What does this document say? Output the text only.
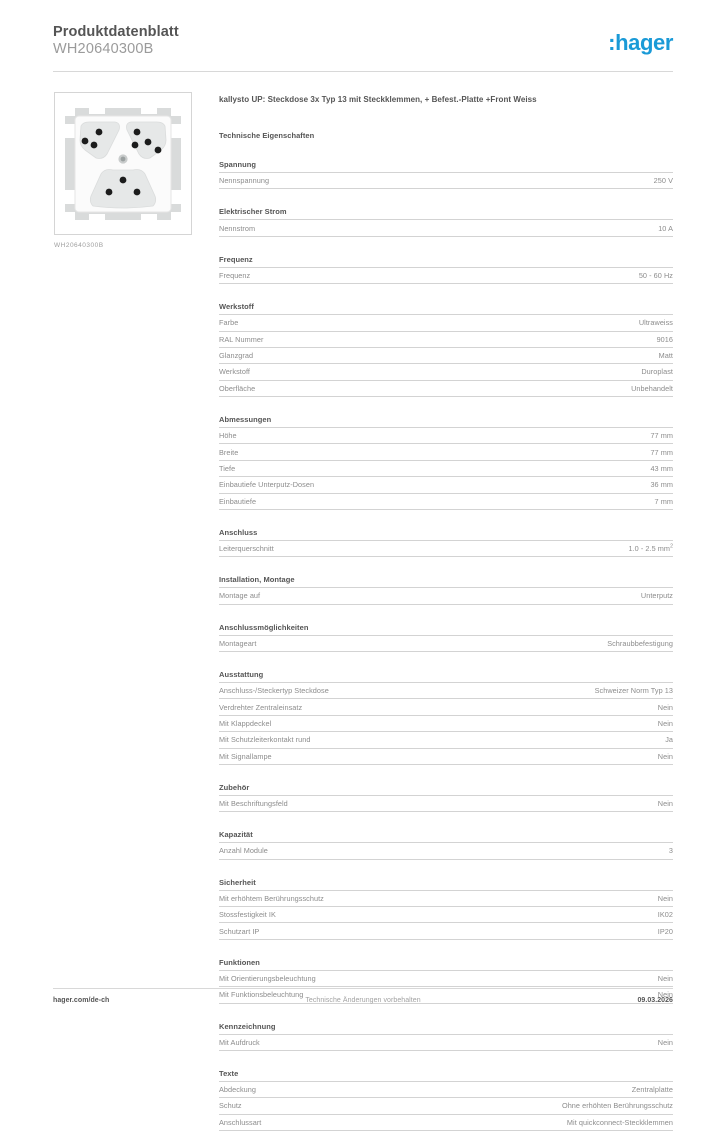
Produktdatenblatt
WH20640300B	:hager
WH20640300B
kallysto UP: Steckdose 3x Typ 13 mit Steckklemmen, + Befest.-Platte +Front Weiss
Technische Eigenschaften
Spannung
Nennspannung	250 V
Elektrischer Strom
Nennstrom	10 A
Frequenz
Frequenz	50 - 60 Hz
Werkstoff
Farbe	Ultraweiss
RAL Nummer	9016
Glanzgrad	Matt
Werkstoff	Duroplast
Oberfläche	Unbehandelt
Abmessungen
Höhe	77 mm
Breite	77 mm
Tiefe	43 mm
Einbautiefe Unterputz-Dosen	36 mm
Einbautiefe	7 mm
Anschluss
Leiterquerschnitt	1.0 - 2.5 $mm^2$
Installation, Montage
Montage auf	Unterputz
Anschlussmöglichkeiten
Montageart	Schraubbefestigung
Ausstattung
Anschluss-/Steckertyp Steckdose	Schweizer Norm Typ 13
Verdrehter Zentraleinsatz	Nein
Mit Klappdeckel	Nein
Mit Schutzleiterkontakt rund	Ja
Mit Signallampe	Nein
Zubehör
Mit Beschriftungsfeld	Nein
Kapazität
Anzahl Module	3
Sicherheit
Mit erhöhtem Berührungsschutz	Nein
Stossfestigkeit IK	IK02
Schutzart IP	IP20
Funktionen
Mit Orientierungsbeleuchtung	Nein
Mit Funktionsbeleuchtung	Nein
Kennzeichnung
Mit Aufdruck	Nein
Texte
Abdeckung	Zentralplatte
Schutz	Ohne erhöhten Berührungsschutz
Anschlussart	Mit quickconnect-Steckklemmen
hager.com/de-ch	Technische Änderungen vorbehalten	09.03.2026
